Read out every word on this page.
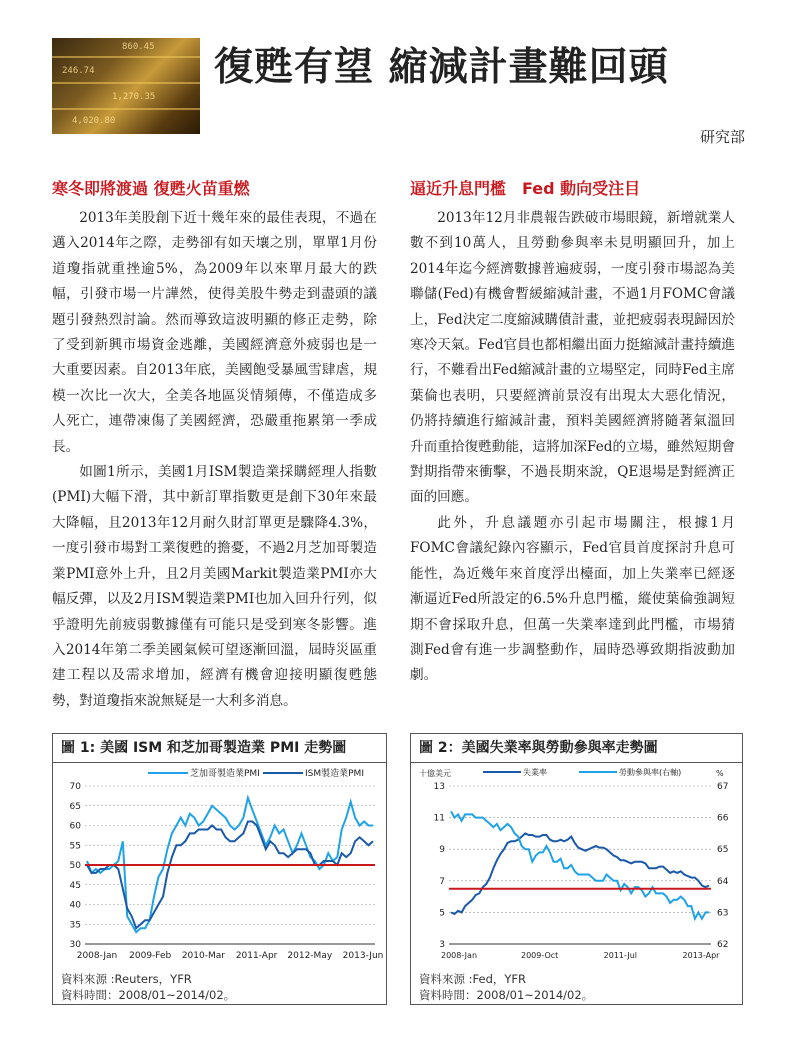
860.45
246.74
1,270.35
4,020.80
復甦有望 縮減計畫難回頭
研究部
寒冬即將渡過 復甦火苗重燃	逼近升息門檻　Fed 動向受注目

2013年美股創下近十幾年來的最佳表現，不過在邁入2014年之際，走勢卻有如天壤之別，單單1月份道瓊指就重挫逾5%，為2009年以來單月最大的跌幅，引發市場一片譁然，使得美股牛勢走到盡頭的議題引發熱烈討論。然而導致這波明顯的修正走勢，除了受到新興市場資金逃離，美國經濟意外疲弱也是一大重要因素。自2013年底，美國飽受暴風雪肆虐，規模一次比一次大，全美各地區災情頻傳，不僅造成多人死亡，連帶凍傷了美國經濟，恐嚴重拖累第一季成長。

如圖1所示，美國1月ISM製造業採購經理人指數(PMI)大幅下滑，其中新訂單指數更是創下30年來最大降幅，且2013年12月耐久財訂單更是驟降4.3%，一度引發市場對工業復甦的擔憂，不過2月芝加哥製造業PMI意外上升，且2月美國Markit製造業PMI亦大幅反彈，以及2月ISM製造業PMI也加入回升行列，似乎證明先前疲弱數據僅有可能只是受到寒冬影響。進入2014年第二季美國氣候可望逐漸回溫，屆時災區重建工程以及需求增加，經濟有機會迎接明顯復甦態勢，對道瓊指來說無疑是一大利多消息。

2013年12月非農報告跌破市場眼鏡，新增就業人數不到10萬人，且勞動參與率未見明顯回升，加上2014年迄今經濟數據普遍疲弱，一度引發市場認為美聯儲(Fed)有機會暫緩縮減計畫，不過1月FOMC會議上，Fed決定二度縮減購債計畫，並把疲弱表現歸因於寒冷天氣。Fed官員也都相繼出面力挺縮減計畫持續進行，不難看出Fed縮減計畫的立場堅定，同時Fed主席葉倫也表明，只要經濟前景沒有出現太大惡化情況，仍將持續進行縮減計畫，預料美國經濟將隨著氣溫回升而重拾復甦動能，這將加深Fed的立場，雖然短期會對期指帶來衝擊，不過長期來說，QE退場是對經濟正面的回應。

此外，升息議題亦引起市場關注，根據1月FOMC會議紀錄內容顯示，Fed官員首度探討升息可能性，為近幾年來首度浮出檯面，加上失業率已經逐漸逼近Fed所設定的6.5%升息門檻，縱使葉倫強調短期不會採取升息，但萬一失業率達到此門檻，市場猜測Fed會有進一步調整動作，屆時恐導致期指波動加劇。

圖 1: 美國 ISM 和芝加哥製造業 PMI 走勢圖
芝加哥製造業PMI	ISM製造業PMI
30
35
40
45
50
55
60
65
70
2008-Jan 2009-Feb 2010-Mar 2011-Apr 2012-May 2013-Jun
資料來源 :Reuters，YFR
資料時間：2008/01~2014/02。
圖 2：美國失業率與勞動參與率走勢圖
十億美元	%
失業率	勞動參與率(右軸)
3
5
7
9
11
13
62
63
64
65
66
67
2008-Jan	2009-Oct	2011-Jul	2013-Apr
資料來源 :Fed，YFR
資料時間：2008/01~2014/02。
